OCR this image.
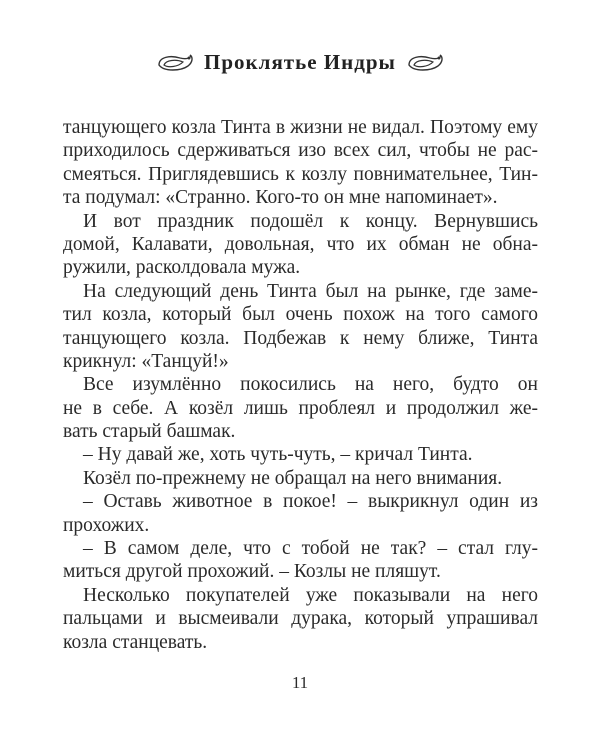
Проклятье Индры
танцующего козла Тинта в жизни не видал. Поэтому ему
приходилось сдерживаться изо всех сил, чтобы не рас-
смеяться. Приглядевшись к козлу повнимательнее, Тин-
та подумал: «Странно. Кого-то он мне напоминает».
И вот праздник подошёл к концу. Вернувшись
домой, Калавати, довольная, что их обман не обна-
ружили, расколдовала мужа.
На следующий день Тинта был на рынке, где заме-
тил козла, который был очень похож на того самого
танцующего козла. Подбежав к нему ближе, Тинта
крикнул: «Танцуй!»
Все изумлённо покосились на него, будто он
не в себе. А козёл лишь проблеял и продолжил же-
вать старый башмак.
– Ну давай же, хоть чуть-чуть, – кричал Тинта.
Козёл по-прежнему не обращал на него внимания.
– Оставь животное в покое! – выкрикнул один из
прохожих.
– В самом деле, что с тобой не так? – стал глу-
миться другой прохожий. – Козлы не пляшут.
Несколько покупателей уже показывали на него
пальцами и высмеивали дурака, который упрашивал
козла станцевать.
11
